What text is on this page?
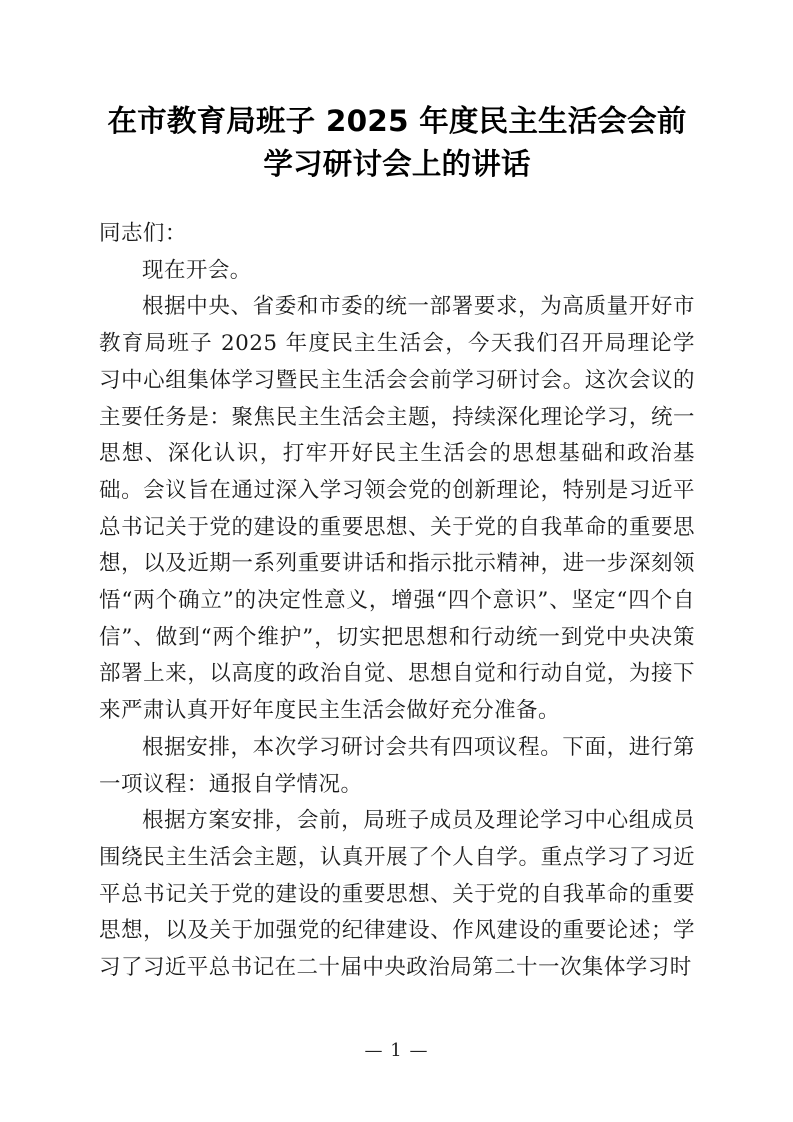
在市教育局班子 2025 年度民主生活会会前学习研讨会上的讲话

同志们：

现在开会。

根据中央、省委和市委的统一部署要求，为高质量开好市教育局班子 2025 年度民主生活会，今天我们召开局理论学习中心组集体学习暨民主生活会会前学习研讨会。这次会议的主要任务是：聚焦民主生活会主题，持续深化理论学习，统一思想、深化认识，打牢开好民主生活会的思想基础和政治基础。会议旨在通过深入学习领会党的创新理论，特别是习近平总书记关于党的建设的重要思想、关于党的自我革命的重要思想，以及近期一系列重要讲话和指示批示精神，进一步深刻领悟“两个确立”的决定性意义，增强“四个意识”、坚定“四个自信”、做到“两个维护”，切实把思想和行动统一到党中央决策部署上来，以高度的政治自觉、思想自觉和行动自觉，为接下来严肃认真开好年度民主生活会做好充分准备。

根据安排，本次学习研讨会共有四项议程。下面，进行第一项议程：通报自学情况。

根据方案安排，会前，局班子成员及理论学习中心组成员围绕民主生活会主题，认真开展了个人自学。重点学习了习近平总书记关于党的建设的重要思想、关于党的自我革命的重要思想，以及关于加强党的纪律建设、作风建设的重要论述；学习了习近平总书记在二十届中央政治局第二十一次集体学习时

— 1 —
